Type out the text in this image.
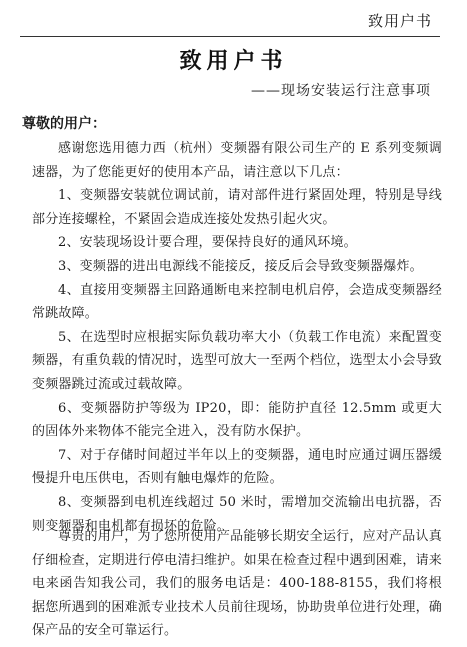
致用户书
致用户书
——现场安装运行注意事项
尊敬的用户：

感谢您选用德力西（杭州）变频器有限公司生产的 E 系列变频调速器，为了您能更好的使用本产品，请注意以下几点：

1、变频器安装就位调试前，请对部件进行紧固处理，特别是导线部分连接螺栓，不紧固会造成连接处发热引起火灾。

2、安装现场设计要合理，要保持良好的通风环境。

3、变频器的进出电源线不能接反，接反后会导致变频器爆炸。

4、直接用变频器主回路通断电来控制电机启停，会造成变频器经常跳故障。

5、在选型时应根据实际负载功率大小（负载工作电流）来配置变频器，有重负载的情况时，选型可放大一至两个档位，选型太小会导致变频器跳过流或过载故障。

6、变频器防护等级为 IP20，即：能防护直径 12.5mm 或更大的固体外来物体不能完全进入，没有防水保护。

7、对于存储时间超过半年以上的变频器，通电时应通过调压器缓慢提升电压供电，否则有触电爆炸的危险。

8、变频器到电机连线超过 50 米时，需增加交流输出电抗器，否则变频器和电机都有损坏的危险。

尊贵的用户，为了您所使用产品能够长期安全运行，应对产品认真仔细检查，定期进行停电清扫维护。如果在检查过程中遇到困难，请来电来函告知我公司，我们的服务电话是：400-188-8155，我们将根据您所遇到的困难派专业技术人员前往现场，协助贵单位进行处理，确保产品的安全可靠运行。
